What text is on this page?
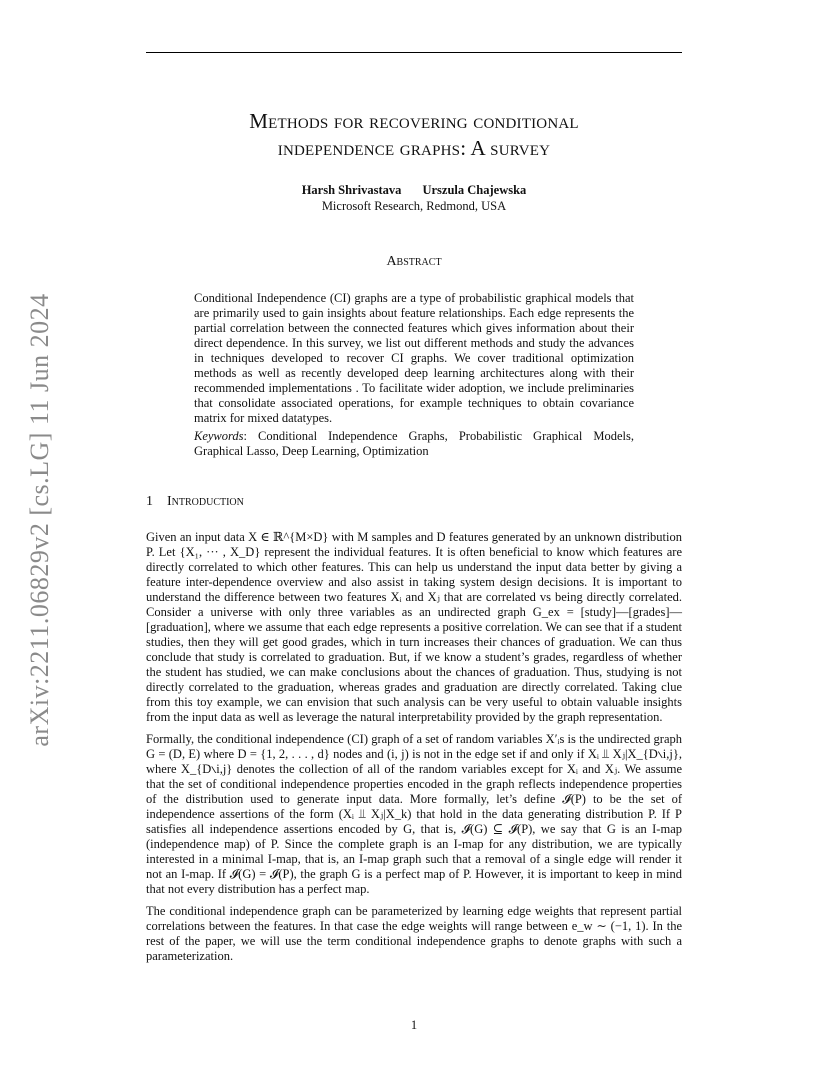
arXiv:2211.06829v2 [cs.LG] 11 Jun 2024
Methods for recovering conditional
independence graphs: A survey
Harsh Shrivastava Urszula Chajewska
Microsoft Research, Redmond, USA
Abstract
Conditional Independence (CI) graphs are a type of probabilistic graphical models that are primarily used to gain insights about feature relationships. Each edge represents the partial correlation between the connected features which gives information about their direct dependence. In this survey, we list out different methods and study the advances in techniques developed to recover CI graphs. We cover traditional optimization methods as well as recently developed deep learning architectures along with their recommended implementations . To facilitate wider adoption, we include preliminaries that consolidate associated operations, for example techniques to obtain covariance matrix for mixed datatypes.
Keywords: Conditional Independence Graphs, Probabilistic Graphical Models, Graphical Lasso, Deep Learning, Optimization
1 Introduction

Given an input data X ∈ ℝ^{M×D} with M samples and D features generated by an unknown distribution P. Let {X₁, ··· , X_D} represent the individual features. It is often beneficial to know which features are directly correlated to which other features. This can help us understand the input data better by giving a feature inter-dependence overview and also assist in taking system design decisions. It is important to understand the difference between two features Xᵢ and Xⱼ that are correlated vs being directly correlated. Consider a universe with only three variables as an undirected graph G_ex = [study]—[grades]—[graduation], where we assume that each edge represents a positive correlation. We can see that if a student studies, then they will get good grades, which in turn increases their chances of graduation. We can thus conclude that study is correlated to graduation. But, if we know a student’s grades, regardless of whether the student has studied, we can make conclusions about the chances of graduation. Thus, studying is not directly correlated to the graduation, whereas grades and graduation are directly correlated. Taking clue from this toy example, we can envision that such analysis can be very useful to obtain valuable insights from the input data as well as leverage the natural interpretability provided by the graph representation.

Formally, the conditional independence (CI) graph of a set of random variables X′ᵢs is the undirected graph G = (D, E) where D = {1, 2, . . . , d} nodes and (i, j) is not in the edge set if and only if Xᵢ ⫫ Xⱼ|X_{D∖i,j}, where X_{D∖i,j} denotes the collection of all of the random variables except for Xᵢ and Xⱼ. We assume that the set of conditional independence properties encoded in the graph reflects independence properties of the distribution used to generate input data. More formally, let’s define 𝓘(P) to be the set of independence assertions of the form (Xᵢ ⫫ Xⱼ|X_k) that hold in the data generating distribution P. If P satisfies all independence assertions encoded by G, that is, 𝓘(G) ⊆ 𝓘(P), we say that G is an I-map (independence map) of P. Since the complete graph is an I-map for any distribution, we are typically interested in a minimal I-map, that is, an I-map graph such that a removal of a single edge will render it not an I-map. If 𝓘(G) = 𝓘(P), the graph G is a perfect map of P. However, it is important to keep in mind that not every distribution has a perfect map.

The conditional independence graph can be parameterized by learning edge weights that represent partial correlations between the features. In that case the edge weights will range between e_w ∼ (−1, 1). In the rest of the paper, we will use the term conditional independence graphs to denote graphs with such a parameterization.

1
